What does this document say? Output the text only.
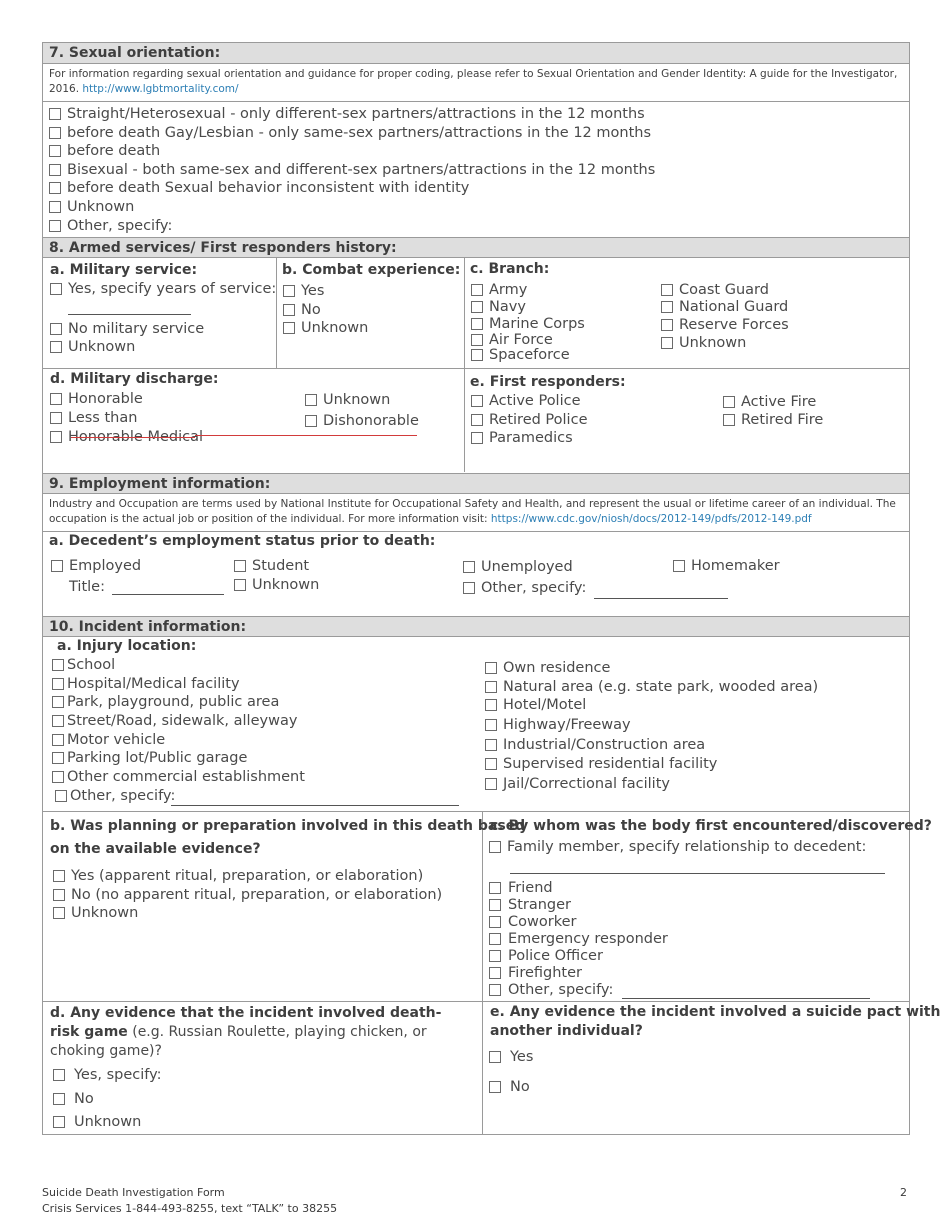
7. Sexual orientation:
For information regarding sexual orientation and guidance for proper coding, please refer to Sexual Orientation and Gender Identity: A guide for the Investigator, 2016. http://www.lgbtmortality.com/
Straight/Heterosexual - only different-sex partners/attractions in the 12 months
before death Gay/Lesbian - only same-sex partners/attractions in the 12 months
before death
Bisexual - both same-sex and different-sex partners/attractions in the 12 months
before death Sexual behavior inconsistent with identity
Unknown
Other, specify:
8. Armed services/ First responders history:
a. Military service:
Yes, specify years of service:
No military service
Unknown
b. Combat experience:
Yes
No
Unknown
c. Branch:
Army
Navy
Marine Corps
Air Force
Spaceforce
Coast Guard
National Guard
Reserve Forces
Unknown
d. Military discharge:
Honorable
Less than
Honorable Medical
Unknown
Dishonorable
e. First responders:
Active Police
Retired Police
Paramedics
Active Fire
Retired Fire
9. Employment information:
Industry and Occupation are terms used by National Institute for Occupational Safety and Health, and represent the usual or lifetime career of an individual. The occupation is the actual job or position of the individual. For more information visit: https://www.cdc.gov/niosh/docs/2012-149/pdfs/2012-149.pdf
a. Decedent’s employment status prior to death:
Employed
Title:
Student
Unknown
Unemployed
Other, specify:
Homemaker
10. Incident information:
a. Injury location:
School
Hospital/Medical facility
Park, playground, public area
Street/Road, sidewalk, alleyway
Motor vehicle
Parking lot/Public garage
Other commercial establishment
Other, specify:
Own residence
Natural area (e.g. state park, wooded area)
Hotel/Motel
Highway/Freeway
Industrial/Construction area
Supervised residential facility
Jail/Correctional facility
b. Was planning or preparation involved in this death based
on the available evidence?
Yes (apparent ritual, preparation, or elaboration)
No (no apparent ritual, preparation, or elaboration)
Unknown
c. By whom was the body first encountered/discovered?
Family member, specify relationship to decedent:
Friend
Stranger
Coworker
Emergency responder
Police Officer
Firefighter
Other, specify:
d. Any evidence that the incident involved death-
risk game (e.g. Russian Roulette, playing chicken, or
choking game)?
Yes, specify:
No
Unknown
e. Any evidence the incident involved a suicide pact with
another individual?
Yes
No
Suicide Death Investigation Form
Crisis Services 1-844-493-8255, text “TALK” to 38255
2
